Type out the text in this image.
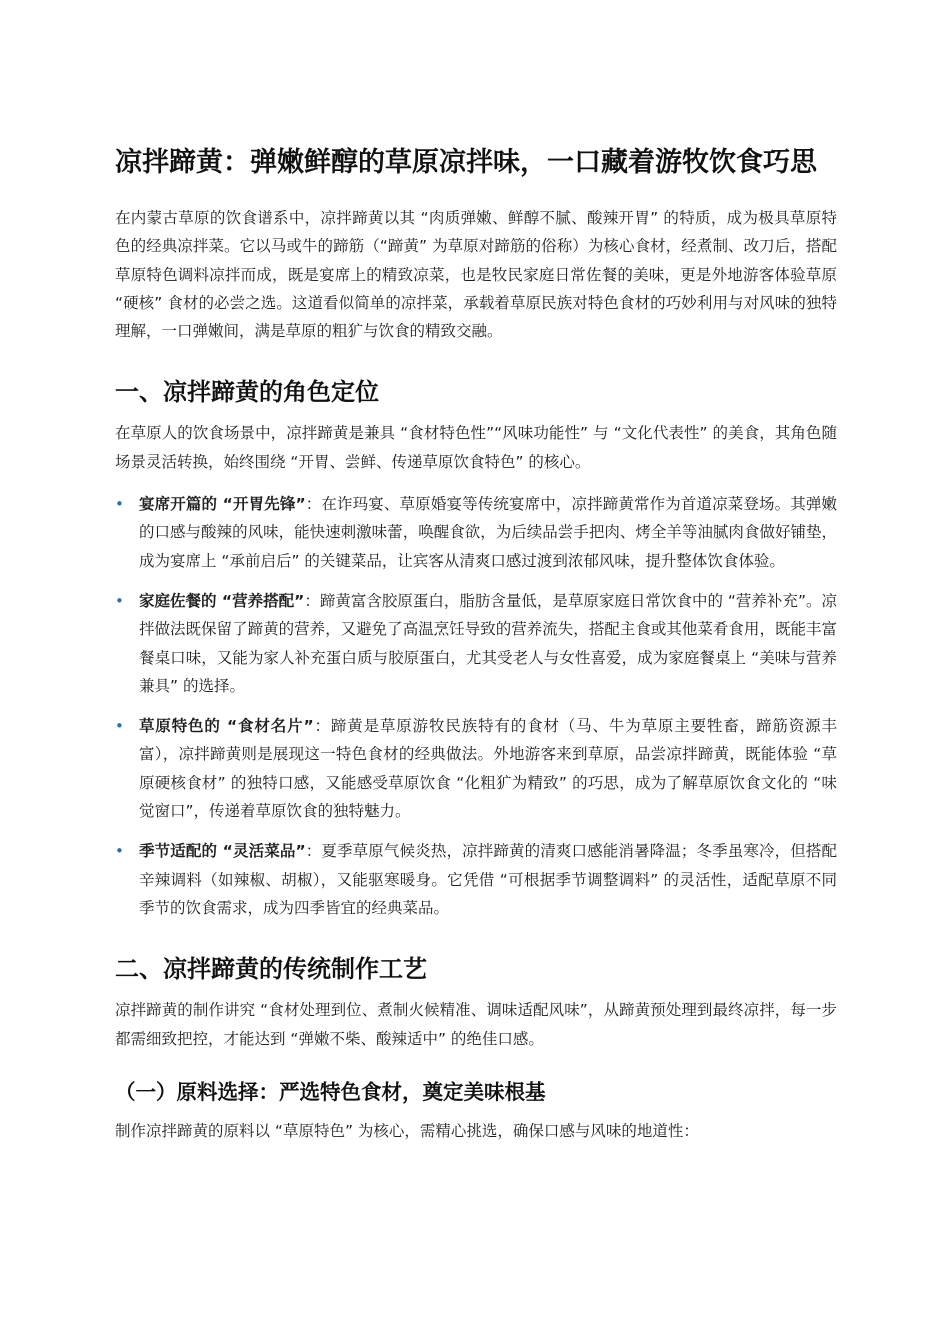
凉拌蹄黄：弹嫩鲜醇的草原凉拌味，一口藏着游牧饮食巧思

在内蒙古草原的饮食谱系中，凉拌蹄黄以其 “肉质弹嫩、鲜醇不腻、酸辣开胃” 的特质，成为极具草原特色的经典凉拌菜。它以马或牛的蹄筋（“蹄黄” 为草原对蹄筋的俗称）为核心食材，经煮制、改刀后，搭配草原特色调料凉拌而成，既是宴席上的精致凉菜，也是牧民家庭日常佐餐的美味，更是外地游客体验草原 “硬核” 食材的必尝之选。这道看似简单的凉拌菜，承载着草原民族对特色食材的巧妙利用与对风味的独特理解，一口弹嫩间，满是草原的粗犷与饮食的精致交融。

一、凉拌蹄黄的角色定位

在草原人的饮食场景中，凉拌蹄黄是兼具 “食材特色性”“风味功能性” 与 “文化代表性” 的美食，其角色随场景灵活转换，始终围绕 “开胃、尝鲜、传递草原饮食特色” 的核心。

• 宴席开篇的 “开胃先锋”：在诈玛宴、草原婚宴等传统宴席中，凉拌蹄黄常作为首道凉菜登场。其弹嫩的口感与酸辣的风味，能快速刺激味蕾，唤醒食欲，为后续品尝手把肉、烤全羊等油腻肉食做好铺垫，成为宴席上 “承前启后” 的关键菜品，让宾客从清爽口感过渡到浓郁风味，提升整体饮食体验。
• 家庭佐餐的 “营养搭配”：蹄黄富含胶原蛋白，脂肪含量低，是草原家庭日常饮食中的 “营养补充”。凉拌做法既保留了蹄黄的营养，又避免了高温烹饪导致的营养流失，搭配主食或其他菜肴食用，既能丰富餐桌口味，又能为家人补充蛋白质与胶原蛋白，尤其受老人与女性喜爱，成为家庭餐桌上 “美味与营养兼具” 的选择。
• 草原特色的 “食材名片”：蹄黄是草原游牧民族特有的食材（马、牛为草原主要牲畜，蹄筋资源丰富），凉拌蹄黄则是展现这一特色食材的经典做法。外地游客来到草原，品尝凉拌蹄黄，既能体验 “草原硬核食材” 的独特口感，又能感受草原饮食 “化粗犷为精致” 的巧思，成为了解草原饮食文化的 “味觉窗口”，传递着草原饮食的独特魅力。
• 季节适配的 “灵活菜品”：夏季草原气候炎热，凉拌蹄黄的清爽口感能消暑降温；冬季虽寒冷，但搭配辛辣调料（如辣椒、胡椒），又能驱寒暖身。它凭借 “可根据季节调整调料” 的灵活性，适配草原不同季节的饮食需求，成为四季皆宜的经典菜品。
二、凉拌蹄黄的传统制作工艺

凉拌蹄黄的制作讲究 “食材处理到位、煮制火候精准、调味适配风味”，从蹄黄预处理到最终凉拌，每一步都需细致把控，才能达到 “弹嫩不柴、酸辣适中” 的绝佳口感。

（一）原料选择：严选特色食材，奠定美味根基

制作凉拌蹄黄的原料以 “草原特色” 为核心，需精心挑选，确保口感与风味的地道性：
